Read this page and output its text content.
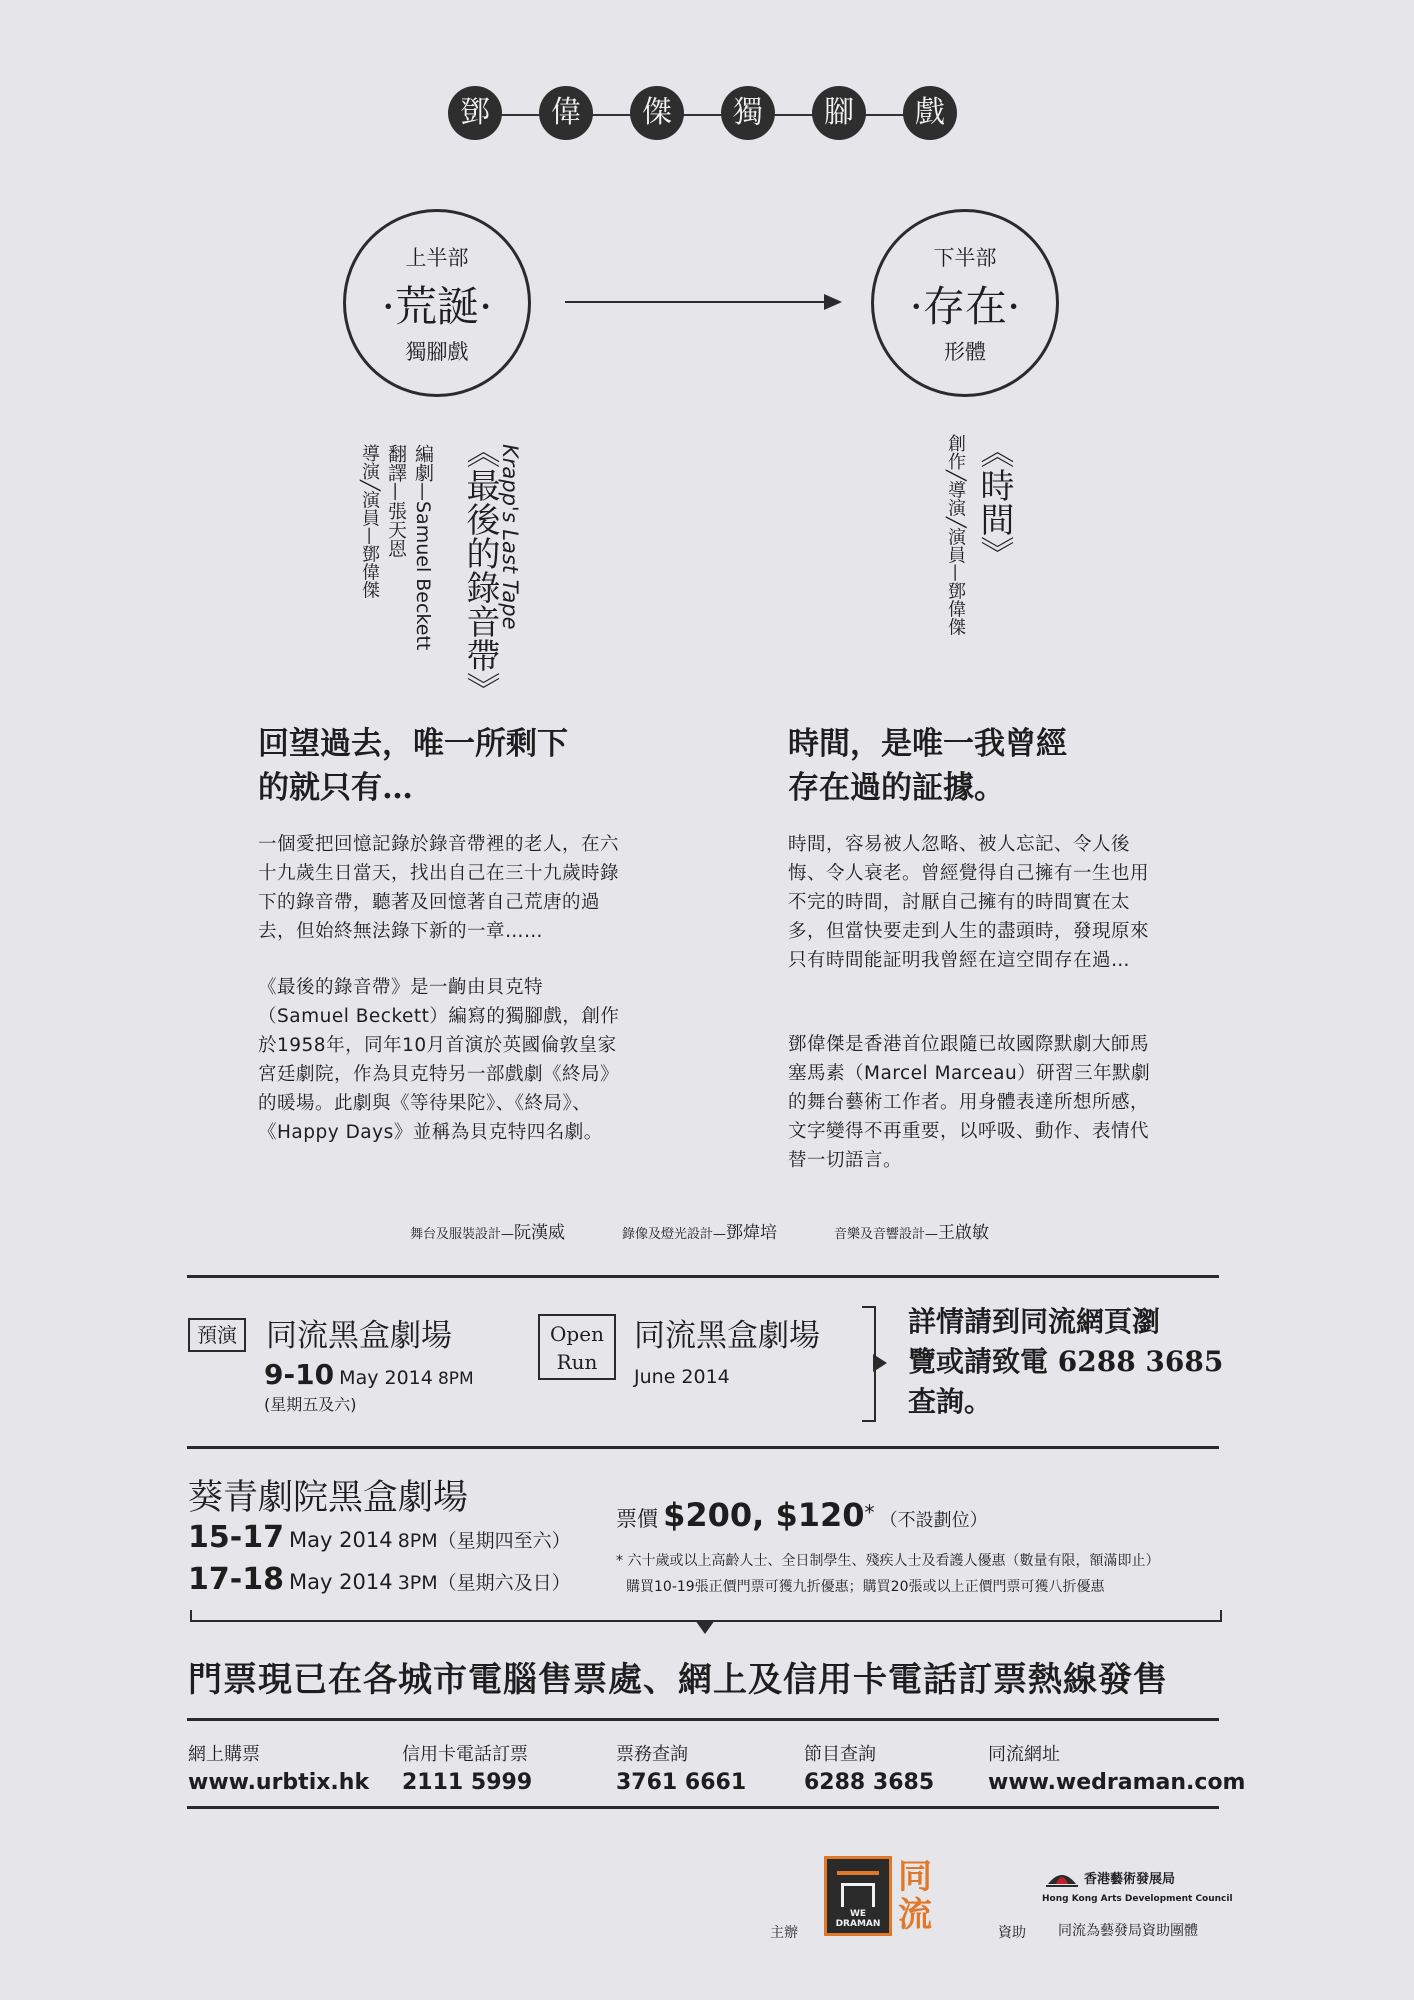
鄧	偉	傑	獨	腳	戲
上半部
·荒誕·
獨腳戲
下半部
·存在·
形體
Krapp's Last Tape
《最後的錄音帶》
編劇—Samuel Beckett
翻譯—張天恩
導演╱演員—鄧偉傑	《時間》
創作╱導演╱演員—鄧偉傑
回望過去，唯一所剩下
的就只有…
一個愛把回憶記錄於錄音帶裡的老人，在六十九歲生日當天，找出自己在三十九歲時錄下的錄音帶，聽著及回憶著自己荒唐的過去，但始終無法錄下新的一章……
《最後的錄音帶》是一齣由貝克特（Samuel Beckett）編寫的獨腳戲，創作於1958年，同年10月首演於英國倫敦皇家宮廷劇院，作為貝克特另一部戲劇《終局》的暖場。此劇與《等待果陀》、《終局》、《Happy Days》並稱為貝克特四名劇。
時間，是唯一我曾經
存在過的証據。
時間，容易被人忽略、被人忘記、令人後悔、令人衰老。曾經覺得自己擁有一生也用不完的時間，討厭自己擁有的時間實在太多，但當快要走到人生的盡頭時，發現原來只有時間能証明我曾經在這空間存在過…
鄧偉傑是香港首位跟隨已故國際默劇大師馬塞馬素（Marcel Marceau）研習三年默劇的舞台藝術工作者。用身體表達所想所感，文字變得不再重要，以呼吸、動作、表情代替一切語言。
舞台及服裝設計—阮漢威	錄像及燈光設計—鄧煒培	音樂及音響設計—王啟敏
預演 同流黑盒劇場
9-10 May 2014 8PM
(星期五及六)
Open
Run
同流黑盒劇場
June 2014
詳情請到同流網頁瀏
覽或請致電 6288 3685
查詢。
葵青劇院黑盒劇場
15-17 May 2014 8PM（星期四至六）
17-18 May 2014 3PM（星期六及日）
票價 $200, $120* （不設劃位）
* 六十歲或以上高齡人士、全日制學生、殘疾人士及看護人優惠（數量有限，額滿即止）
購買10-19張正價門票可獲九折優惠；購買20張或以上正價門票可獲八折優惠
門票現已在各城市電腦售票處、網上及信用卡電話訂票熱線發售
網上購票
www.urbtix.hk
信用卡電話訂票
2111 5999
票務查詢
3761 6661
節目查詢
6288 3685
同流網址
www.wedraman.com
主辦
WE DRAMAN
同流	資助
香港藝術發展局
Hong Kong Arts Development Council
同流為藝發局資助團體
